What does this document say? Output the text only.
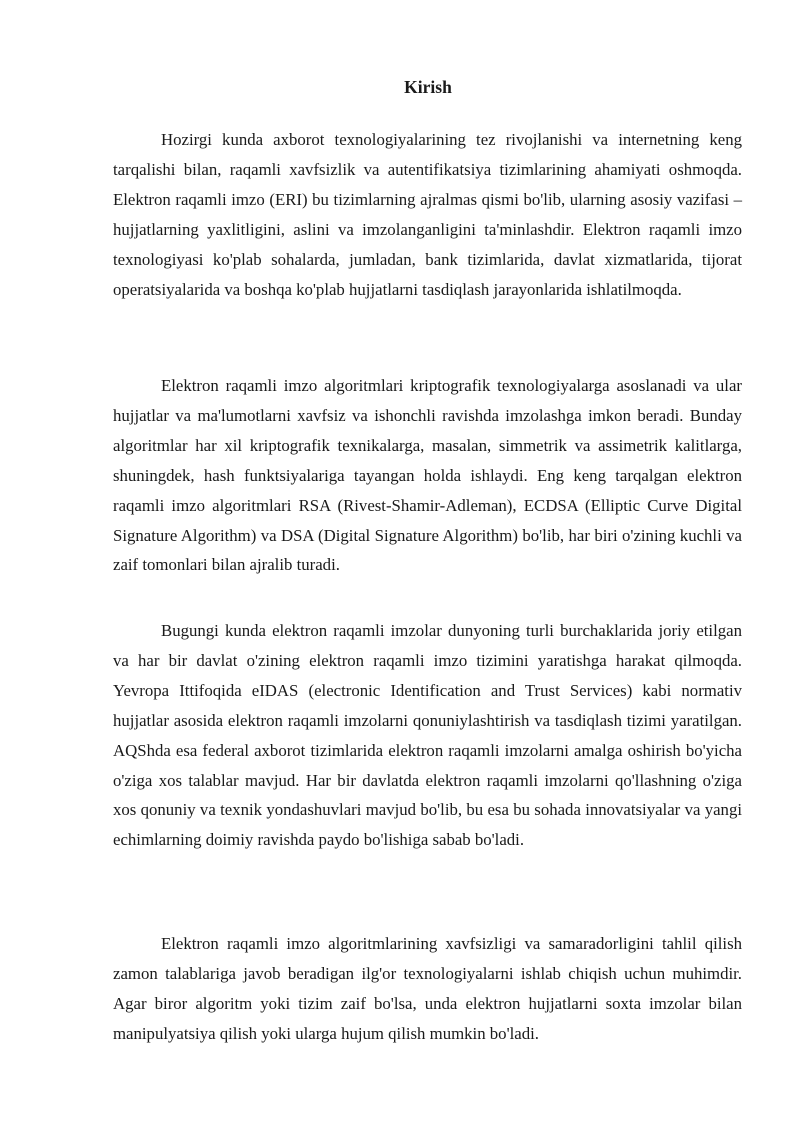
Kirish

Hozirgi kunda axborot texnologiyalarining tez rivojlanishi va internetning keng tarqalishi bilan, raqamli xavfsizlik va autentifikatsiya tizimlarining ahamiyati oshmoqda. Elektron raqamli imzo (ERI) bu tizimlarning ajralmas qismi bo'lib, ularning asosiy vazifasi – hujjatlarning yaxlitligini, aslini va imzolanganligini ta'minlashdir. Elektron raqamli imzo texnologiyasi ko'plab sohalarda, jumladan, bank tizimlarida, davlat xizmatlarida, tijorat operatsiyalarida va boshqa ko'plab hujjatlarni tasdiqlash jarayonlarida ishlatilmoqda.

Elektron raqamli imzo algoritmlari kriptografik texnologiyalarga asoslanadi va ular hujjatlar va ma'lumotlarni xavfsiz va ishonchli ravishda imzolashga imkon beradi. Bunday algoritmlar har xil kriptografik texnikalarga, masalan, simmetrik va assimetrik kalitlarga, shuningdek, hash funktsiyalariga tayangan holda ishlaydi. Eng keng tarqalgan elektron raqamli imzo algoritmlari RSA (Rivest-Shamir-Adleman), ECDSA (Elliptic Curve Digital Signature Algorithm) va DSA (Digital Signature Algorithm) bo'lib, har biri o'zining kuchli va zaif tomonlari bilan ajralib turadi.

Bugungi kunda elektron raqamli imzolar dunyoning turli burchaklarida joriy etilgan va har bir davlat o'zining elektron raqamli imzo tizimini yaratishga harakat qilmoqda. Yevropa Ittifoqida eIDAS (electronic Identification and Trust Services) kabi normativ hujjatlar asosida elektron raqamli imzolarni qonuniylashtirish va tasdiqlash tizimi yaratilgan. AQShda esa federal axborot tizimlarida elektron raqamli imzolarni amalga oshirish bo'yicha o'ziga xos talablar mavjud. Har bir davlatda elektron raqamli imzolarni qo'llashning o'ziga xos qonuniy va texnik yondashuvlari mavjud bo'lib, bu esa bu sohada innovatsiyalar va yangi echimlarning doimiy ravishda paydo bo'lishiga sabab bo'ladi.

Elektron raqamli imzo algoritmlarining xavfsizligi va samaradorligini tahlil qilish zamon talablariga javob beradigan ilg'or texnologiyalarni ishlab chiqish uchun muhimdir. Agar biror algoritm yoki tizim zaif bo'lsa, unda elektron hujjatlarni soxta imzolar bilan manipulyatsiya qilish yoki ularga hujum qilish mumkin bo'ladi.
